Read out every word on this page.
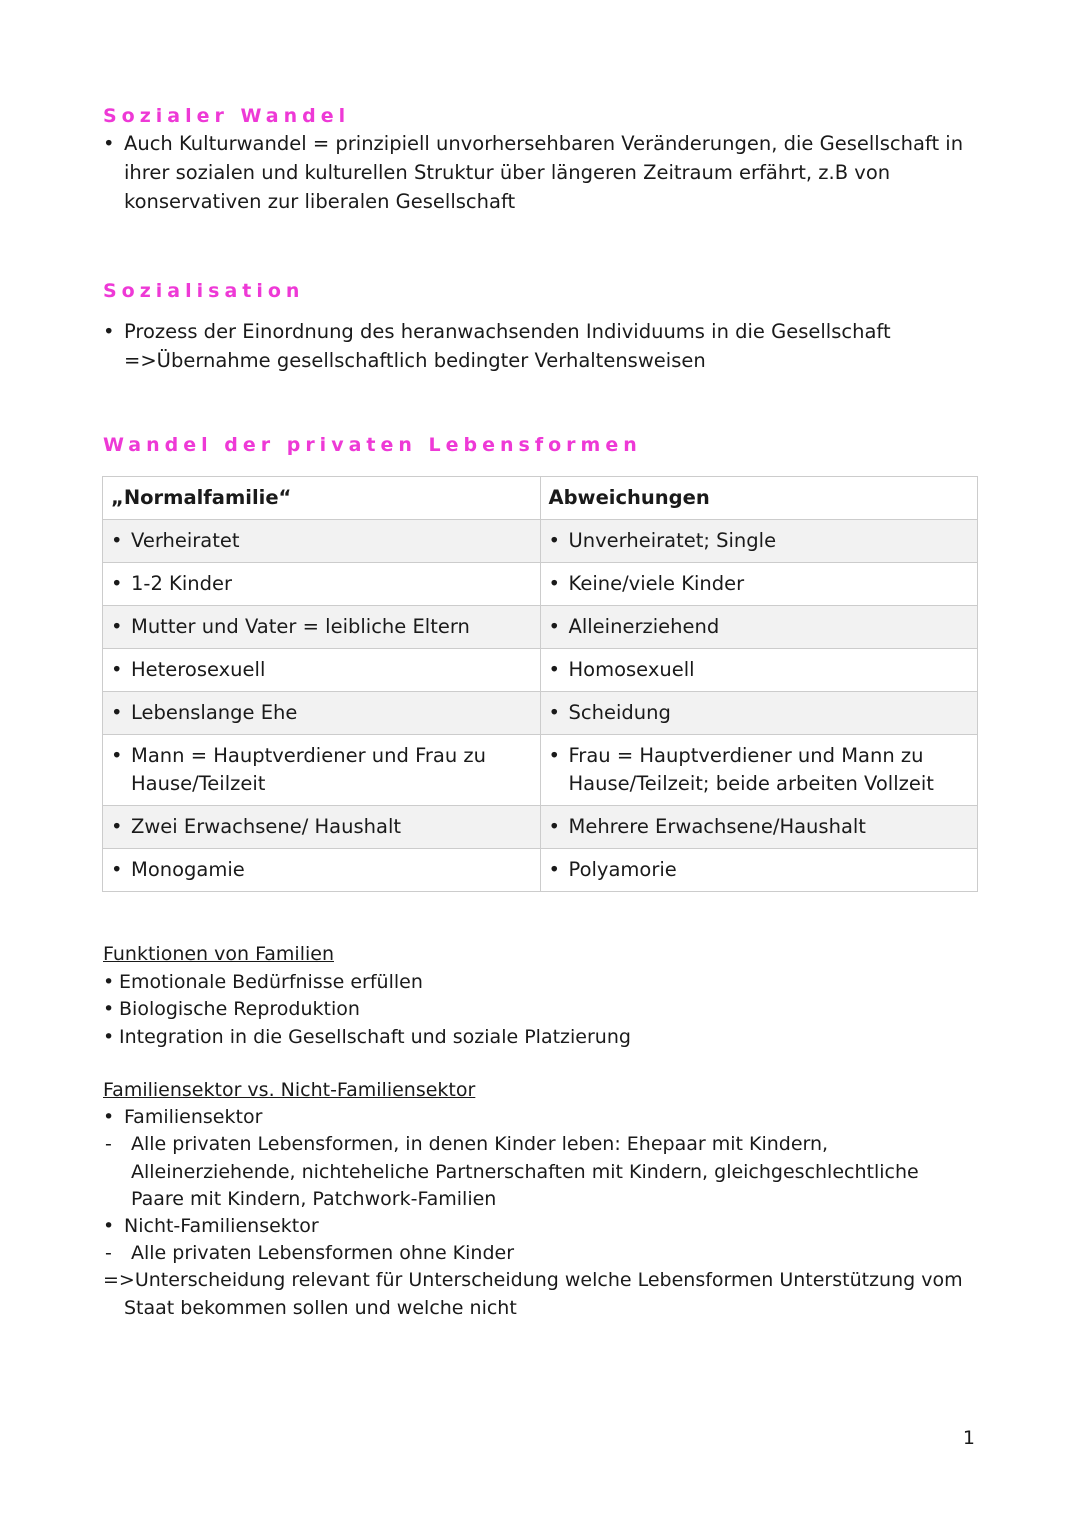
Sozialer Wandel
• Auch Kulturwandel = prinzipiell unvorhersehbaren Veränderungen, die Gesellschaft in ihrer sozialen und kulturellen Struktur über längeren Zeitraum erfährt, z.B von konservativen zur liberalen Gesellschaft
Sozialisation
• Prozess der Einordnung des heranwachsenden Individuums in die Gesellschaft
=>Übernahme gesellschaftlich bedingter Verhaltensweisen
Wandel der privaten Lebensformen
„Normalfamilie“	Abweichungen

• Verheiratet	• Unverheiratet; Single

• 1-2 Kinder	• Keine/viele Kinder

• Mutter und Vater = leibliche Eltern	• Alleinerziehend

• Heterosexuell	• Homosexuell

• Lebenslange Ehe	• Scheidung

• Mann = Hauptverdiener und Frau zu Hause/Teilzeit	• Frau = Hauptverdiener und Mann zu Hause/Teilzeit; beide arbeiten Vollzeit

• Zwei Erwachsene/ Haushalt	• Mehrere Erwachsene/Haushalt

• Monogamie	• Polyamorie
Funktionen von Familien
• Emotionale Bedürfnisse erfüllen
• Biologische Reproduktion
• Integration in die Gesellschaft und soziale Platzierung
Familiensektor vs. Nicht-Familiensektor
• Familiensektor
- Alle privaten Lebensformen, in denen Kinder leben: Ehepaar mit Kindern, Alleinerziehende, nichteheliche Partnerschaften mit Kindern, gleichgeschlechtliche Paare mit Kindern, Patchwork-Familien
• Nicht-Familiensektor
- Alle privaten Lebensformen ohne Kinder
=>Unterscheidung relevant für Unterscheidung welche Lebensformen Unterstützung vom
Staat bekommen sollen und welche nicht
1
